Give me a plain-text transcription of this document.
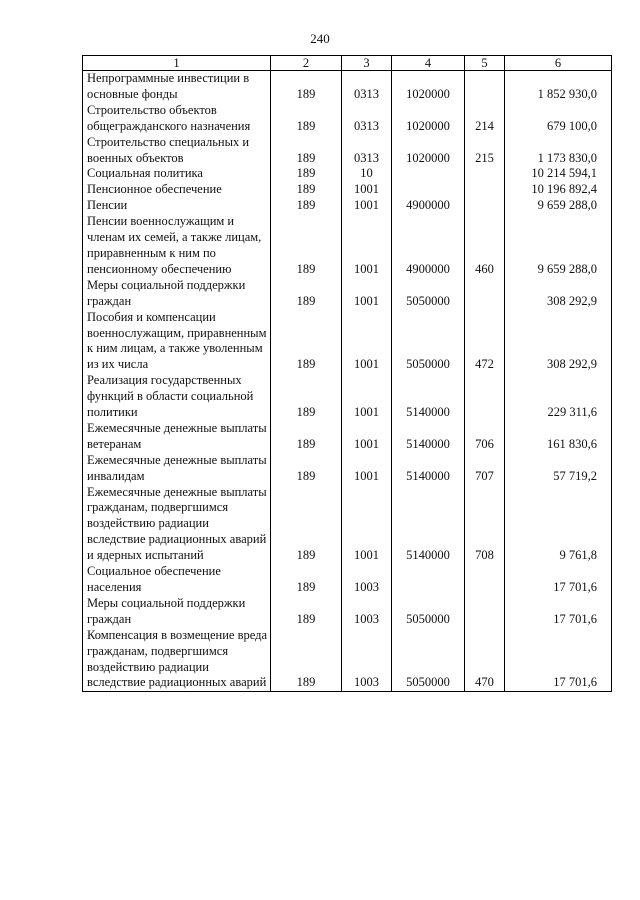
240
1	2	3	4	5	6
Непрограммные инвестиции в основные фонды	189	0313	1020000		1 852 930,0
Строительство объектов общегражданского назначения	189	0313	1020000	214	679 100,0
Строительство специальных и военных объектов	189	0313	1020000	215	1 173 830,0
Социальная политика	189	10			10 214 594,1
Пенсионное обеспечение	189	1001			10 196 892,4
Пенсии	189	1001	4900000		9 659 288,0
Пенсии военнослужащим и членам их семей, а также лицам, приравненным к ним по пенсионному обеспечению	189	1001	4900000	460	9 659 288,0
Меры социальной поддержки граждан	189	1001	5050000		308 292,9
Пособия и компенсации военнослужащим, приравненным к ним лицам, а также уволенным из их числа	189	1001	5050000	472	308 292,9
Реализация государственных функций в области социальной политики	189	1001	5140000		229 311,6
Ежемесячные денежные выплаты ветеранам	189	1001	5140000	706	161 830,6
Ежемесячные денежные выплаты инвалидам	189	1001	5140000	707	57 719,2
Ежемесячные денежные выплаты гражданам, подвергшимся воздействию радиации вследствие радиационных аварий и ядерных испытаний	189	1001	5140000	708	9 761,8
Социальное обеспечение населения	189	1003			17 701,6
Меры социальной поддержки граждан	189	1003	5050000		17 701,6
Компенсация в возмещение вреда гражданам, подвергшимся воздействию радиации вследствие радиационных аварий	189	1003	5050000	470	17 701,6
